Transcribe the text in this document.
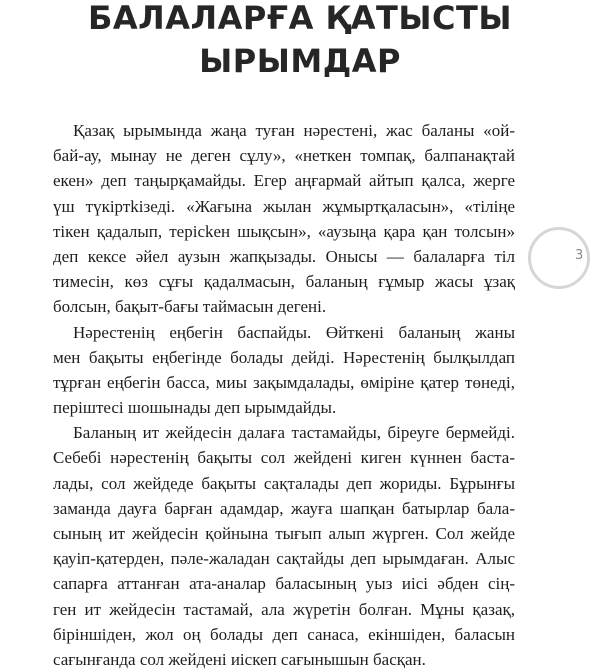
БАЛАЛАРҒА ҚАТЫСТЫ
ЫРЫМДАР
Қазақ ырымында жаңа туған нәрестені, жас баланы «ой-
бай-ау, мынау не деген сұлу», «неткен томпақ, балпанақтай
екен» деп таңырқамайды. Егер аңғармай айтып қалса, жерге
үш түкіртkізеді. «Жағына жылан жұмыртқаласын», «тіліңе
тікен қадалып, терісkен шықсын», «аузыңа қара қан толсын»
деп кексе әйел аузын жапқызады. Онысы — балаларға тіл
тимесін, көз сұғы қадалмасын, баланың ғұмыр жасы ұзақ
болсын, бақыт-бағы таймасын дегені.
Нәрестенің еңбегін баспайды. Өйткені баланың жаны
мен бақыты еңбегінде болады дейді. Нәрестенің былқылдап
тұрған еңбегін басса, миы зақымдалады, өміріне қатер төнеді,
періштесі шошынады деп ырымдайды.
Баланың ит жейдесін далаға тастамайды, біреуге бермейді.
Себебі нәрестенің бақыты сол жейдені киген күннен баста-
лады, сол жейдеде бақыты сақталады деп жориды. Бұрынғы
заманда дауға барған адамдар, жауға шапқан батырлар бала-
сының ит жейдесін қойнына тығып алып жүрген. Сол жейде
қауіп-қатерден, пәле-жаладан сақтайды деп ырымдаған. Алыс
сапарға аттанған ата-аналар баласының уыз иісі әбден сің-
ген ит жейдесін тастамай, ала жүретін болған. Мұны қазақ,
біріншіден, жол оң болады деп санаса, екіншіден, баласын
сағынғанда сол жейдені иіскеп сағынышын басқан.
3
